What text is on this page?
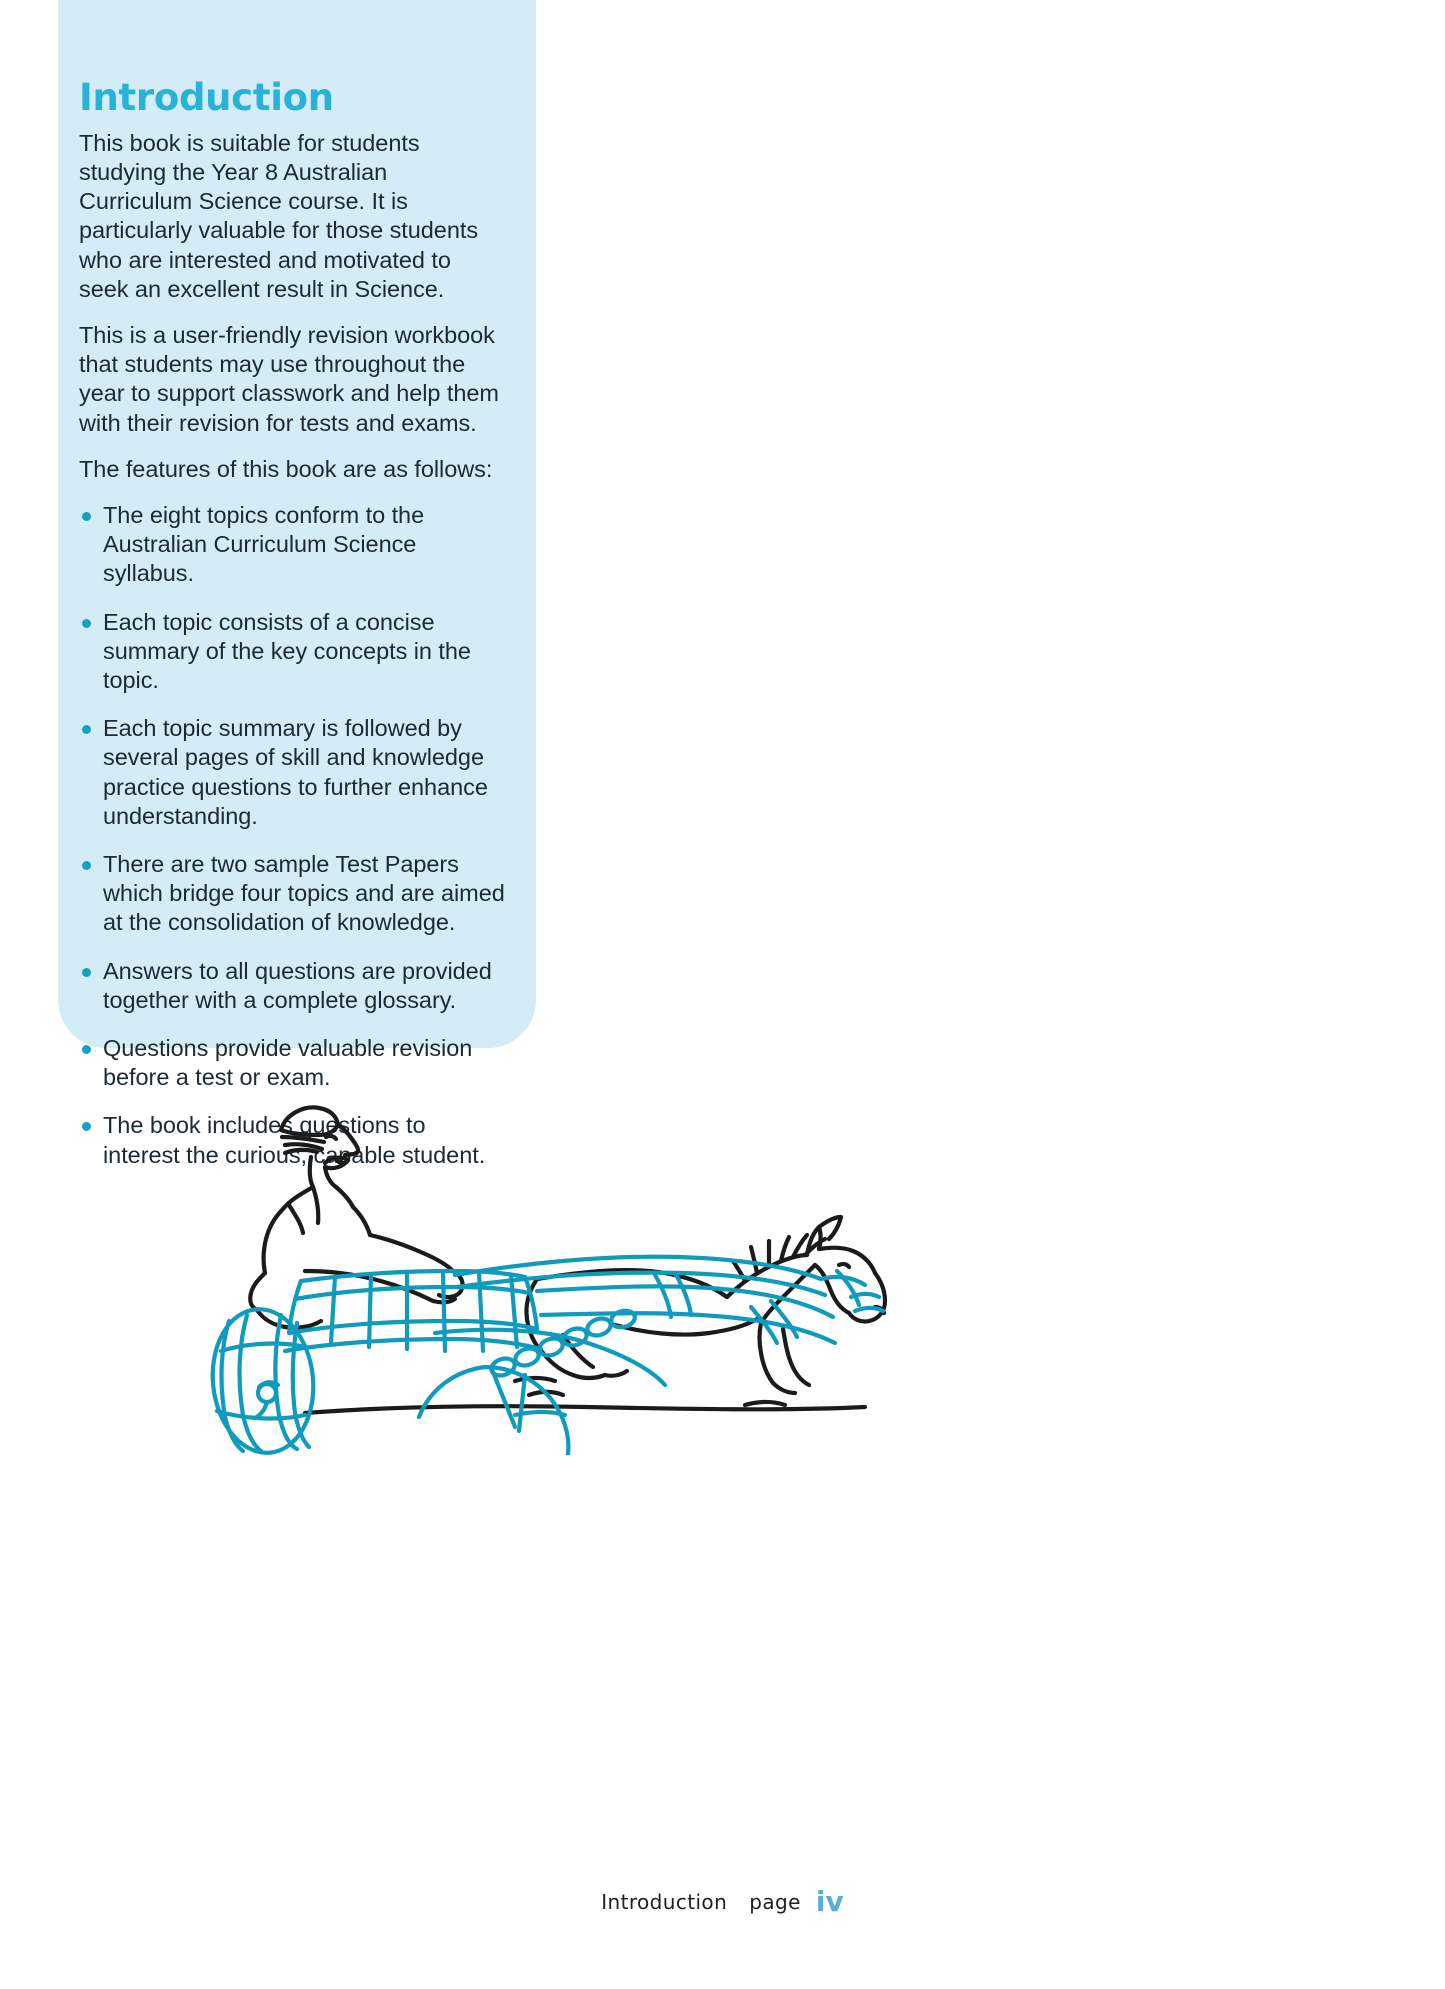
Introduction

This book is suitable for students studying the Year 8 Australian Curriculum Science course. It is particularly valuable for those students who are interested and motivated to seek an excellent result in Science.

This is a user-friendly revision workbook that students may use throughout the year to support classwork and help them with their revision for tests and exams.

The features of this book are as follows:

The eight topics conform to the Australian Curriculum Science syllabus.
Each topic consists of a concise summary of the key concepts in the topic.
Each topic summary is followed by several pages of skill and knowledge practice questions to further enhance understanding.
There are two sample Test Papers which bridge four topics and are aimed at the consolidation of knowledge.
Answers to all questions are provided together with a complete glossary.
Questions provide valuable revision before a test or exam.
The book includes questions to interest the curious, capable student.
Introduction page iv
